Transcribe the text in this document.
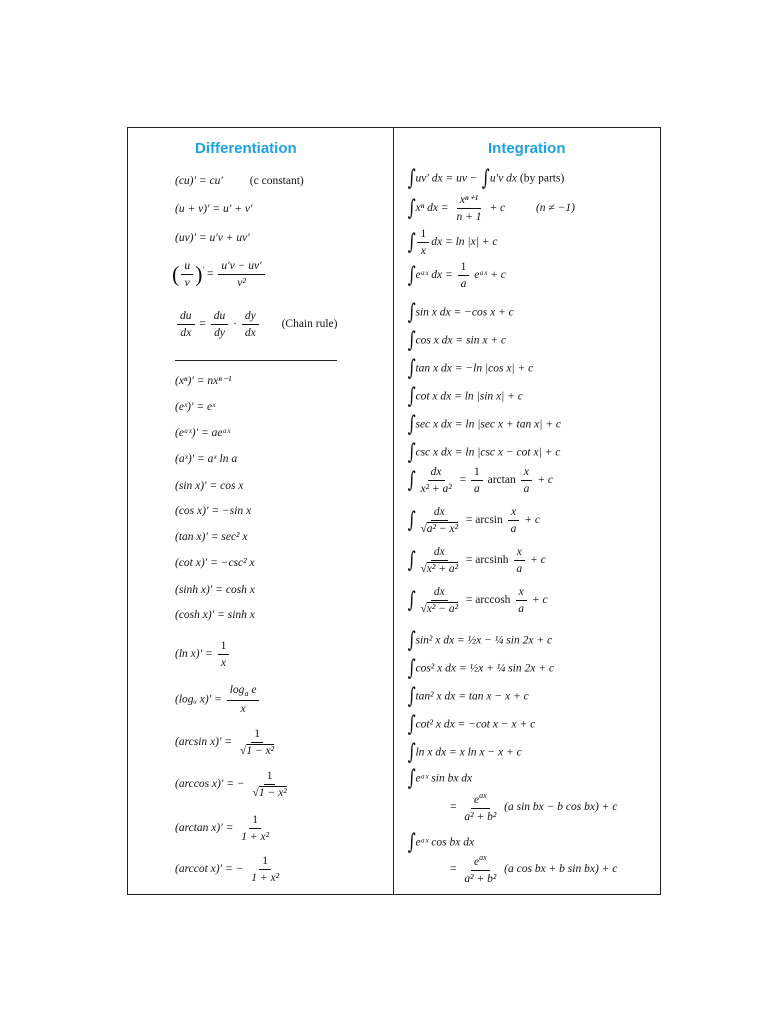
Differentiation	Integration
(cu)′ = cu′ (c constant)
(u + v)′ = u′ + v′
(uv)′ = u′v + uv′
( $\frac{u}{v} )' = \frac{u'v - uv'}{\text{v²}}$
$\frac{du}{dx} = \frac{du}{dy} \cdot \frac{dy}{dx}$ (Chain rule)
(xⁿ)′ = nxⁿ⁻¹
(eˣ)′ = eˣ
(eᵃˣ)′ = aeᵃˣ
(aˣ)′ = aˣ ln a
(sin x)′ = cos x
(cos x)′ = −sin x
(tan x)′ = sec² x
(cot x)′ = −csc² x
(sinh x)′ = cosh x
(cosh x)′ = sinh x
(ln $x)' = \frac{1}{x}$
(logₐ $x)' = \frac{\log_a e}{x}$
(arcsin $x)' = \frac{1}{\text{√1 − x²}}$
(arccos x)′ = − $\frac{1}{\text{√1 − x²}}$
(arctan $x)' = \frac{1}{\text{1 + x²}}$
(arccot x)′ = − $\frac{1}{\text{1 + x²}}$
∫uv′ dx = uv − ∫u′v dx (by parts)
∫xⁿ dx = $\frac{\text{xⁿ⁺¹}}{n + 1} + c$	(n ≠ −1)
∫ $\frac{1}{x}$ dx = ln |x| + c
∫eᵃˣ dx = $\frac{1}{a}$ eᵃˣ + c
∫sin x dx = −cos x + c
∫cos x dx = sin x + c
∫tan x dx = −ln |cos x| + c
∫cot x dx = ln |sin x| + c
∫sec x dx = ln |sec x + tan x| + c
∫csc x dx = ln |csc x − cot x| + c
∫ $\frac{dx}{\text{x² + a²}} = \frac{1}{a}$ $\arctan \frac{x}{a} + c$
∫ $\frac{dx}{\text{√a² − x²}} = \arcsin \frac{x}{a} + c$
∫ $\frac{dx}{\text{√x² + a²}} = \arcsin h \frac{x}{a} + c$
∫ $\frac{dx}{\text{√x² − a²}} = \arccos h \frac{x}{a} + c$
∫sin² x dx = ½x − ¼ sin 2x + c
∫cos² x dx = ½x + ¼ sin 2x + c
∫tan² x dx = tan x − x + c
∫cot² x dx = −cot x − x + c
∫ln x dx = x ln x − x + c
∫eᵃˣ sin bx dx
= $\frac{e^{ax}}{\text{a² + b²}} (a$ sin bx − b cos bx) + c
∫eᵃˣ cos bx dx
= $\frac{e^{ax}}{\text{a² + b²}} (a$ cos bx + b sin bx) + c
